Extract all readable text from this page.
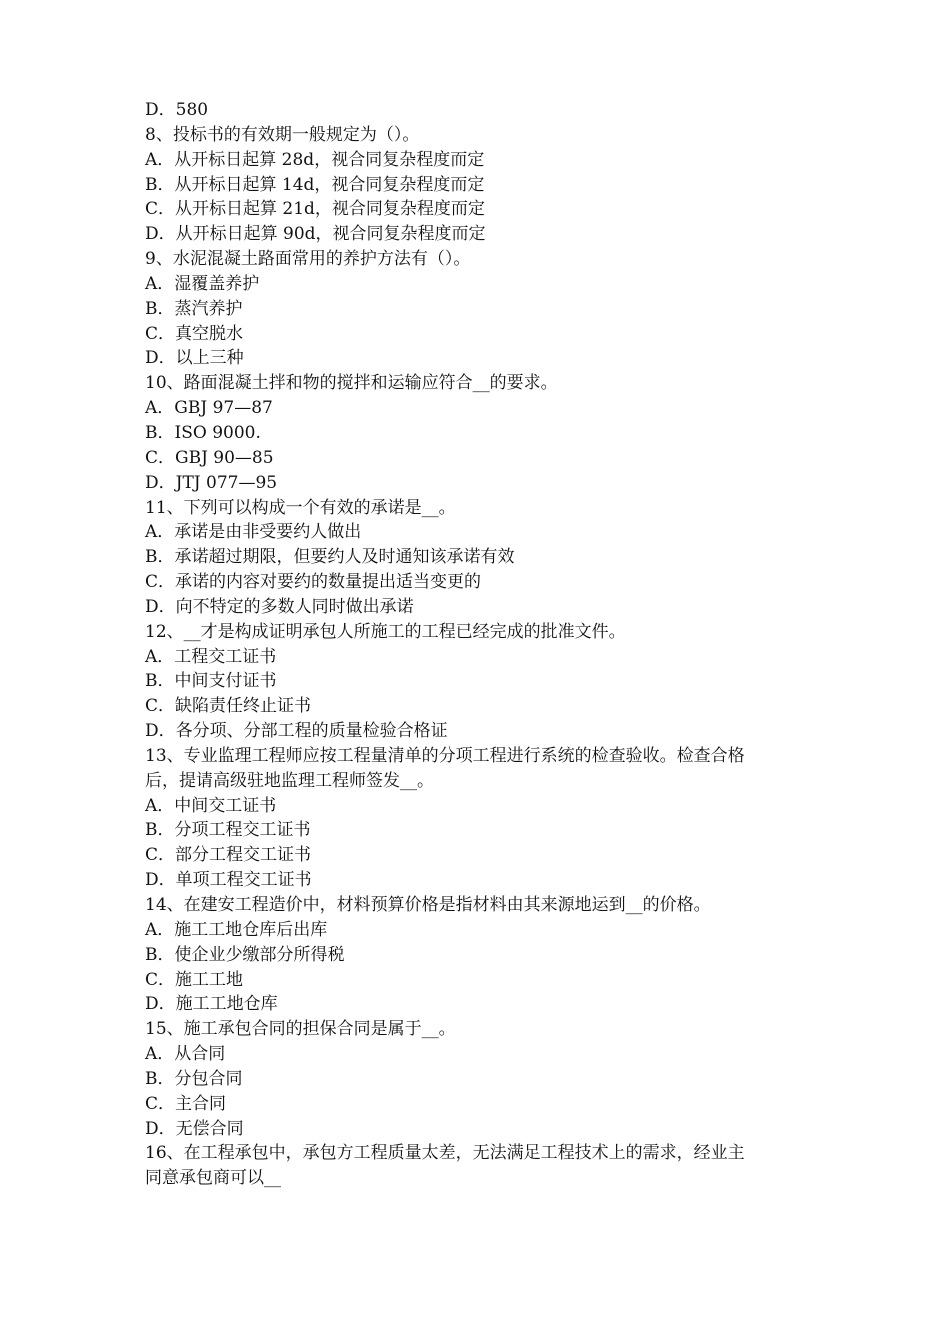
D．580

8、投标书的有效期一般规定为（）。

A．从开标日起算 28d，视合同复杂程度而定

B．从开标日起算 14d，视合同复杂程度而定

C．从开标日起算 21d，视合同复杂程度而定

D．从开标日起算 90d，视合同复杂程度而定

9、水泥混凝土路面常用的养护方法有（）。

A．湿覆盖养护

B．蒸汽养护

C．真空脱水

D．以上三种

10、路面混凝土拌和物的搅拌和运输应符合__的要求。

A．GBJ 97—87

B．ISO 9000.

C．GBJ 90—85

D．JTJ 077—95

11、下列可以构成一个有效的承诺是__。

A．承诺是由非受要约人做出

B．承诺超过期限，但要约人及时通知该承诺有效

C．承诺的内容对要约的数量提出适当变更的

D．向不特定的多数人同时做出承诺

12、__才是构成证明承包人所施工的工程已经完成的批准文件。

A．工程交工证书

B．中间支付证书

C．缺陷责任终止证书

D．各分项、分部工程的质量检验合格证

13、专业监理工程师应按工程量清单的分项工程进行系统的检查验收。检查合格

后，提请高级驻地监理工程师签发__。

A．中间交工证书

B．分项工程交工证书

C．部分工程交工证书

D．单项工程交工证书

14、在建安工程造价中，材料预算价格是指材料由其来源地运到__的价格。

A．施工工地仓库后出库

B．使企业少缴部分所得税

C．施工工地

D．施工工地仓库

15、施工承包合同的担保合同是属于__。

A．从合同

B．分包合同

C．主合同

D．无偿合同

16、在工程承包中，承包方工程质量太差，无法满足工程技术上的需求，经业主

同意承包商可以__
